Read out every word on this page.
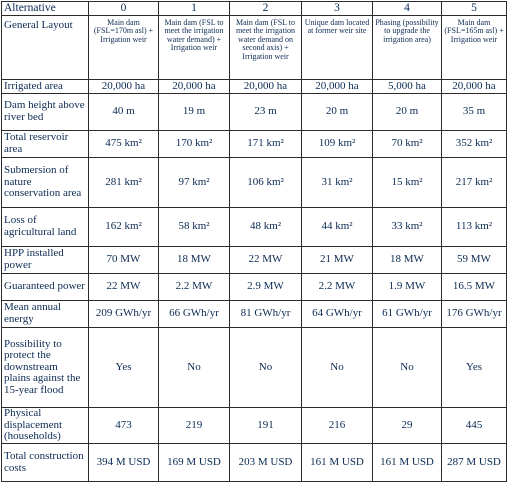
Alternative	0	1	2	3	4	5
General Layout	Main dam (FSL=170m asl) + Irrigation weir	Main dam (FSL to meet the irrigation water demand) + Irrigation weir	Main dam (FSL to meet the irrigation water demand on second axis) + Irrigation weir	Unique dam located at former weir site	Phasing (possibility to upgrade the irrigation area)	Main dam (FSL=165m asl) + Irrigation weir
Irrigated area	20,000 ha	20,000 ha	20,000 ha	20,000 ha	5,000 ha	20,000 ha
Dam height above river bed	40 m	19 m	23 m	20 m	20 m	35 m
Total reservoir area	475 km²	170 km²	171 km²	109 km²	70 km²	352 km²
Submersion of nature conservation area	281 km²	97 km²	106 km²	31 km²	15 km²	217 km²
Loss of agricultural land	162 km²	58 km²	48 km²	44 km²	33 km²	113 km²
HPP installed power	70 MW	18 MW	22 MW	21 MW	18 MW	59 MW
Guaranteed power	22 MW	2.2 MW	2.9 MW	2.2 MW	1.9 MW	16.5 MW
Mean annual energy	209 GWh/yr	66 GWh/yr	81 GWh/yr	64 GWh/yr	61 GWh/yr	176 GWh/yr
Possibility to protect the downstream plains against the 15-year flood	Yes	No	No	No	No	Yes
Physical displacement (households)	473	219	191	216	29	445
Total construction costs	394 M USD	169 M USD	203 M USD	161 M USD	161 M USD	287 M USD
